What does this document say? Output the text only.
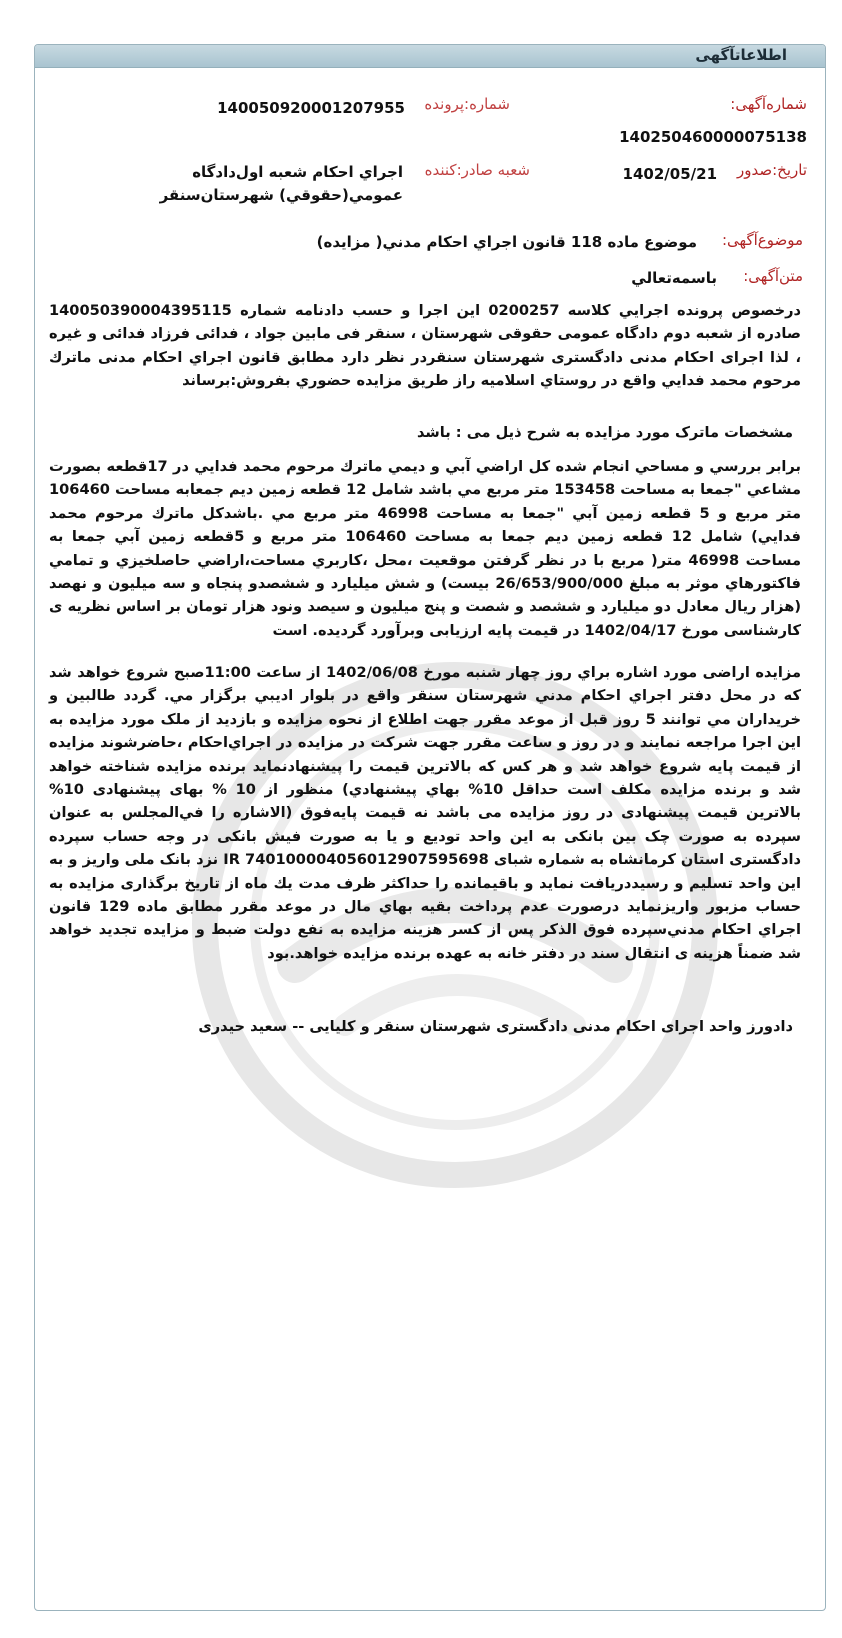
اطلاعاتآگهی
شماره‌آگهی:
140250460000075138
تاریخ:صدور
1402/05/21
شماره:پرونده
140050920001207955
شعبه صادر:کننده
اجراي احكام شعبه اول‌دادگاه
عمومي(حقوقي) شهرستان‌سنقر
موضوع‌آگهی:
موضوع ماده 118 قانون اجراي احكام مدني( مزايده)
متن‌آگهی:
باسمه‌تعالي
درخصوص پرونده اجرايي كلاسه 0200257 اين اجرا و حسب دادنامه شماره 140050390004395115 صادره از شعبه دوم دادگاه عمومی حقوقی شهرستان ، سنقر فی مابین جواد ، فدائی فرزاد فدائی و غیره ، لذا اجرای احکام مدنی دادگستری شهرستان سنقردر نظر دارد مطابق قانون اجراي احكام مدنی ماترك مرحوم محمد فدايي واقع در روستاي اسلاميه راز طريق مزايده حضوري بفروش:برساند
مشخصات ماترک مورد مزایده به شرح ذیل می : باشد
برابر بررسي و مساحي انجام شده كل اراضي آبي و ديمي ماترك مرحوم محمد فدايي در 17قطعه بصورت مشاعي "جمعا به مساحت 153458 متر مربع مي باشد شامل 12 قطعه زمين ديم جمعابه مساحت 106460 متر مربع و 5 قطعه زمين آبي "جمعا به مساحت 46998 متر مربع مي .باشدكل ماترك مرحوم محمد فدايي) شامل 12 قطعه زمين ديم جمعا به مساحت 106460 متر مربع و 5قطعه زمين آبي جمعا به مساحت 46998 متر( مربع با در نظر گرفتن موقعيت ،محل ،كاربري مساحت،اراضي حاصلخيزي و تمامي فاكتورهاي موثر به مبلغ 26/653/900/000 بيست) و شش ميليارد و ششصدو پنجاه و سه ميليون و نهصد (هزار ريال معادل دو ميليارد و ششصد و شصت و پنج ميليون و سيصد ونود هزار تومان بر اساس نظريه ی كارشناسی مورخ 1402/04/17 در قیمت پايه ارزيابی وبرآورد گرديده. است
مزايده اراضی مورد اشاره براي روز چهار شنبه مورخ 1402/06/08 از ساعت 11:00صبح شروع خواهد شد كه در محل دفتر اجراي احكام مدني شهرستان سنقر واقع در بلوار اديبي برگزار مي. گردد طالبين و خريداران مي توانند 5 روز قبل از موعد مقرر جهت اطلاع از نحوه مزايده و بازديد از ملک مورد مزايده به اين اجرا مراجعه نمايند و در روز و ساعت مقرر جهت شركت در مزايده در اجراي‌احكام ،حاضرشوند مزايده از قيمت پايه شروع خواهد شد و هر كس كه بالاترين قيمت را پيشنهادنمايد برنده مزايده شناخته خواهد شد و برنده مزايده مكلف است حداقل 10% بهاي پيشنهادي) منظور از 10 % بهای پیشنهادی 10% بالاترین قیمت پیشنهادی در روز مزایده می باشد نه قیمت پایه‌فوق (الاشاره را في‌المجلس به عنوان سپرده به صورت چک بین بانکی به این واحد تودیع و یا به صورت فیش بانکی در وجه حساب سپرده دادگستری استان کرمانشاه به شماره شبای IR 740100004056012907595698 نزد بانک ملی واریز و به این واحد تسلیم و رسیددریافت نماید و باقیمانده را حداکثر ظرف مدت یك ماه از تاریخ برگذاری مزایده به حساب مزبور واریزنماید درصورت عدم پرداخت بقيه بهاي مال در موعد مقرر مطابق ماده 129 قانون اجراي احكام مدني‌سپرده فوق الذكر پس از كسر هزينه مزايده به نفع دولت ضبط و مزايده تجديد خواهد شد ضمناً هزينه ی انتقال سند در دفتر خانه به عهده برنده مزايده خواهد.بود
دادورز واحد اجرای احکام مدنی دادگستری شهرستان سنقر و کلیایی -- سعید حیدری
